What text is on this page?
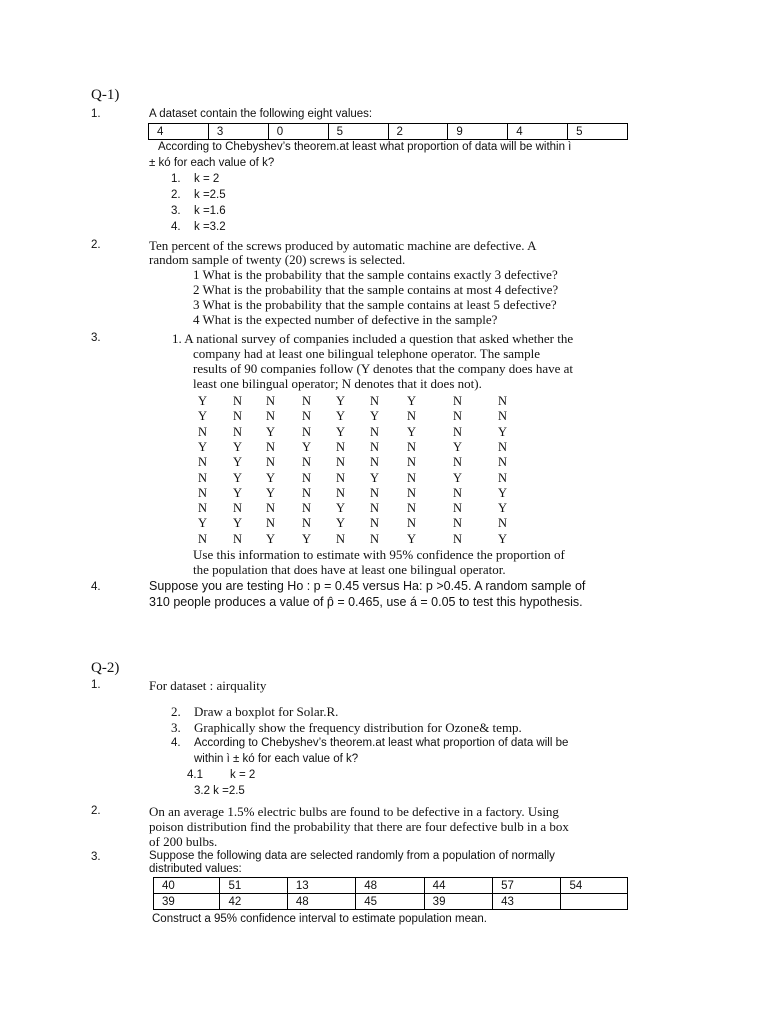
Q-1)
1.	A dataset contain the following eight values:
4	3	0	5	2	9	4	5
According to Chebyshev’s theorem.at least what proportion of data will be within ì
± kó for each value of k?
1. k = 2
2. k =2.5
3. k =1.6
4. k =3.2
2.	Ten percent of the screws produced by automatic machine are defective. A
random sample of twenty (20) screws is selected.
1 What is the probability that the sample contains exactly 3 defective?
2 What is the probability that the sample contains at most 4 defective?
3 What is the probability that the sample contains at least 5 defective?
4 What is the expected number of defective in the sample?
3.	1. A national survey of companies included a question that asked whether the
company had at least one bilingual telephone operator. The sample
results of 90 companies follow (Y denotes that the company does have at
least one bilingual operator; N denotes that it does not).
Y N N N Y N Y	N	N
Y N N N Y Y N	N	N
N N Y N Y N Y	N	Y
Y Y N Y N N N	Y	N
N Y N N N N N	N	N
N Y Y N N Y N	Y	N
N Y Y N N N N	N	Y
N N N N Y N N	N	Y
Y Y N N Y N N	N	N
N N Y Y N N Y	N	Y
Use this information to estimate with 95% confidence the proportion of
the population that does have at least one bilingual operator.
4.	Suppose you are testing Ho : p = 0.45 versus Ha: p >0.45. A random sample of
310 people produces a value of p̂ = 0.465, use á = 0.05 to test this hypothesis.
Q-2)
1.	For dataset : airquality
2. Draw a boxplot for Solar.R.
3. Graphically show the frequency distribution for Ozone& temp.
4. According to Chebyshev’s theorem.at least what proportion of data will be
within ì ± kó for each value of k?
4.1 k = 2
3.2 k =2.5
2.	On an average 1.5% electric bulbs are found to be defective in a factory. Using
poison distribution find the probability that there are four defective bulb in a box
of 200 bulbs.
3.	Suppose the following data are selected randomly from a population of normally
distributed values:
40	51	13	48	44	57	54
39	42	48	45	39	43	
Construct a 95% confidence interval to estimate population mean.
